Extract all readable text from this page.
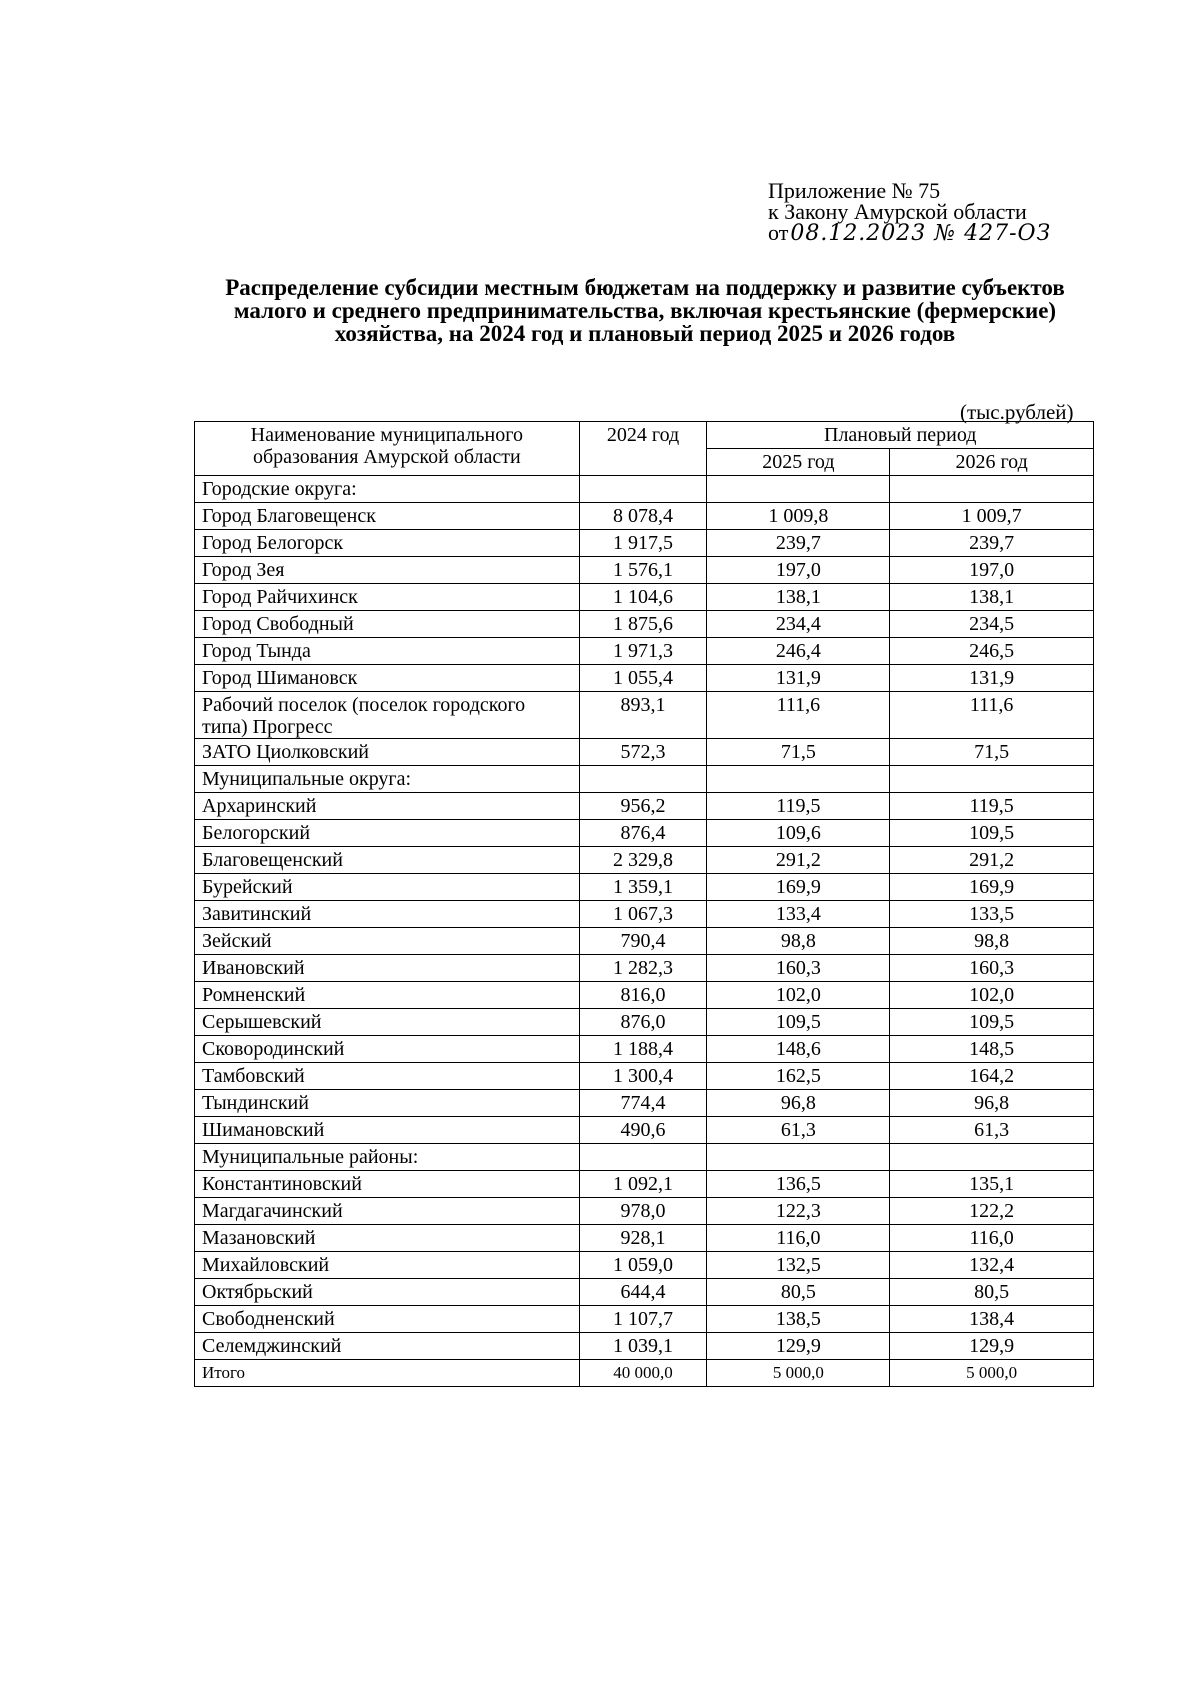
Приложение № 75
к Закону Амурской области
от08.12.2023 № 427-ОЗ
Распределение субсидии местным бюджетам на поддержку и развитие субъектов малого и среднего предпринимательства, включая крестьянские (фермерские) хозяйства, на 2024 год и плановый период 2025 и 2026 годов
(тыс.рублей)
Наименование муниципального
образования Амурской области	2024 год	Плановый период	
		2025 год	2026 год
Городские округа:			
Город Благовещенск	8 078,4	1 009,8	1 009,7
Город Белогорск	1 917,5	239,7	239,7
Город Зея	1 576,1	197,0	197,0
Город Райчихинск	1 104,6	138,1	138,1
Город Свободный	1 875,6	234,4	234,5
Город Тында	1 971,3	246,4	246,5
Город Шимановск	1 055,4	131,9	131,9
Рабочий поселок (поселок городского типа) Прогресс	893,1	111,6	111,6
ЗАТО Циолковский	572,3	71,5	71,5
Муниципальные округа:			
Архаринский	956,2	119,5	119,5
Белогорский	876,4	109,6	109,5
Благовещенский	2 329,8	291,2	291,2
Бурейский	1 359,1	169,9	169,9
Завитинский	1 067,3	133,4	133,5
Зейский	790,4	98,8	98,8
Ивановский	1 282,3	160,3	160,3
Ромненский	816,0	102,0	102,0
Серышевский	876,0	109,5	109,5
Сковородинский	1 188,4	148,6	148,5
Тамбовский	1 300,4	162,5	164,2
Тындинский	774,4	96,8	96,8
Шимановский	490,6	61,3	61,3
Муниципальные районы:			
Константиновский	1 092,1	136,5	135,1
Магдагачинский	978,0	122,3	122,2
Мазановский	928,1	116,0	116,0
Михайловский	1 059,0	132,5	132,4
Октябрьский	644,4	80,5	80,5
Свободненский	1 107,7	138,5	138,4
Селемджинский	1 039,1	129,9	129,9
Итого	40 000,0	5 000,0	5 000,0
